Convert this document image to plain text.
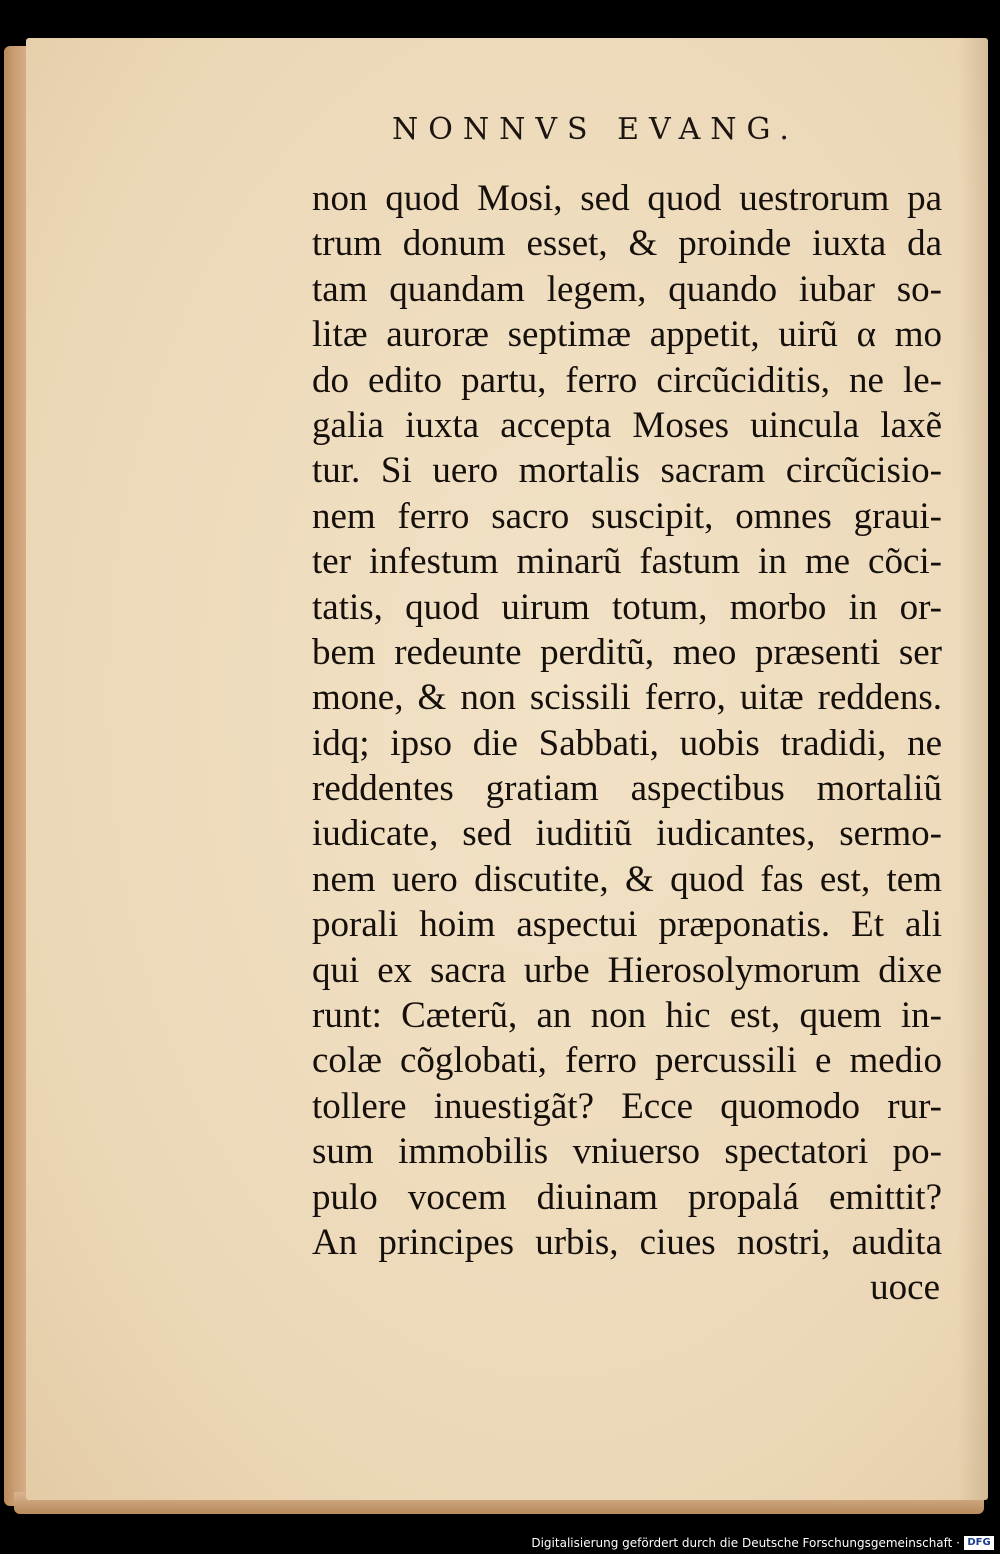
NONNVS EVANG.
non quod Mosi, sed quod uestrorum pa
trum donum esset, & proinde iuxta da
tam quandam legem, quando iubar so-
litæ auroræ septimæ appetit, uirũ α mo
do edito partu, ferro circũciditis, ne le-
galia iuxta accepta Moses uincula laxẽ
tur. Si uero mortalis sacram circũcisio-
nem ferro sacro suscipit, omnes graui-
ter infestum minarũ fastum in me cõci-
tatis, quod uirum totum, morbo in or-
bem redeunte perditũ, meo præsenti ser
mone, & non scissili ferro, uitæ reddens.
idq; ipso die Sabbati, uobis tradidi, ne
reddentes gratiam aspectibus mortaliũ
iudicate, sed iuditiũ iudicantes, sermo-
nem uero discutite, & quod fas est, tem
porali hoim aspectui præponatis. Et ali
qui ex sacra urbe Hierosolymorum dixe
runt: Cæterũ, an non hic est, quem in-
colæ cõglobati, ferro percussili e medio
tollere inuestigãt? Ecce quomodo rur-
sum immobilis vniuerso spectatori po-
pulo vocem diuinam propalá emittit?
An principes urbis, ciues nostri, audita
uoce
Digitalisierung gefördert durch die Deutsche Forschungsgemeinschaft · DFG
